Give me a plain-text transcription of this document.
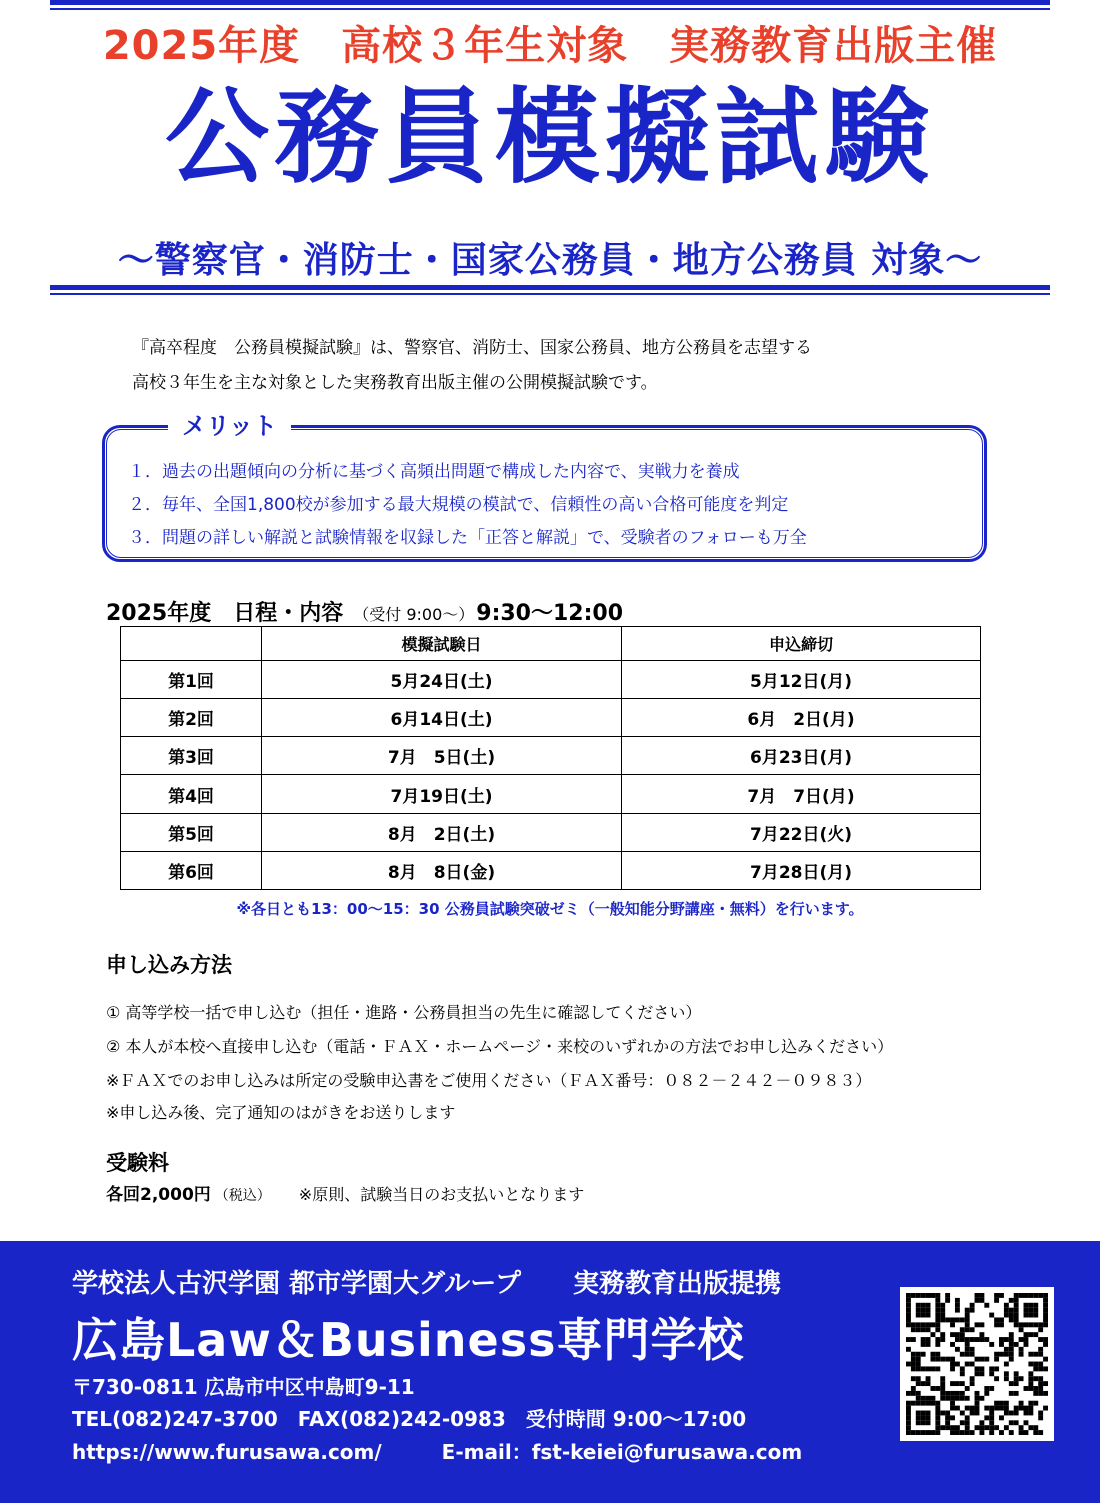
2025年度　高校３年生対象　実務教育出版主催
公務員模擬試験
～警察官・消防士・国家公務員・地方公務員 対象～
『高卒程度　公務員模擬試験』は、警察官、消防士、国家公務員、地方公務員を志望する
高校３年生を主な対象とした実務教育出版主催の公開模擬試験です。
メリット
１．過去の出題傾向の分析に基づく高頻出問題で構成した内容で、実戦力を養成
２．毎年、全国1,800校が参加する最大規模の模試で、信頼性の高い合格可能度を判定
３．問題の詳しい解説と試験情報を収録した「正答と解説」で、受験者のフォローも万全
2025年度　日程・内容 （受付 9:00～）9:30～12:00
	模擬試験日	申込締切
第1回	5月24日(土)	5月12日(月)
第2回	6月14日(土)	6月　2日(月)
第3回	7月　5日(土)	6月23日(月)
第4回	7月19日(土)	7月　7日(月)
第5回	8月　2日(土)	7月22日(火)
第6回	8月　8日(金)	7月28日(月)
※各日とも13：00～15：30 公務員試験突破ゼミ（一般知能分野講座・無料）を行います。
申し込み方法
① 高等学校一括で申し込む（担任・進路・公務員担当の先生に確認してください）
② 本人が本校へ直接申し込む（電話・ＦＡＸ・ホームページ・来校のいずれかの方法でお申し込みください）
※ＦＡＸでのお申し込みは所定の受験申込書をご使用ください（ＦＡＸ番号：０８２－２４２－０９８３）
※申し込み後、完了通知のはがきをお送りします
受験料
各回2,000円 （税込） ※原則、試験当日のお支払いとなります
学校法人古沢学園 都市学園大グループ　　実務教育出版提携
広島Law＆Business専門学校
〒730-0811 広島市中区中島町9-11
TEL(082)247-3700　FAX(082)242-0983　受付時間 9:00～17:00
https://www.furusawa.com/　　　E-mail：fst-keiei@furusawa.com
